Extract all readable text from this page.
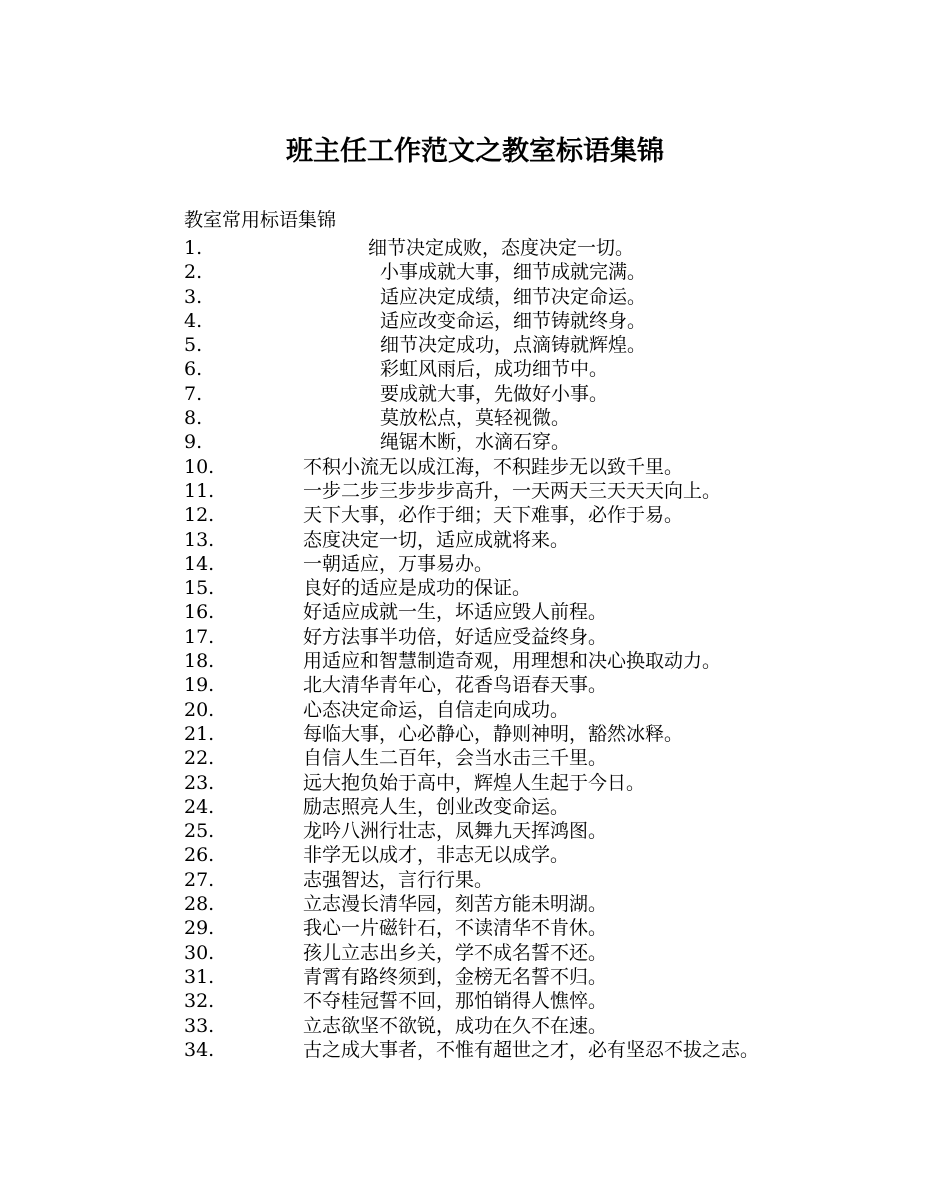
班主任工作范文之教室标语集锦
教室常用标语集锦
1.	细节决定成败，态度决定一切。
2.	小事成就大事，细节成就完满。
3.	适应决定成绩，细节决定命运。
4.	适应改变命运，细节铸就终身。
5.	细节决定成功，点滴铸就辉煌。
6.	彩虹风雨后，成功细节中。
7.	要成就大事，先做好小事。
8.	莫放松点，莫轻视微。
9.	绳锯木断，水滴石穿。
10.	不积小流无以成江海，不积跬步无以致千里。
11.	一步二步三步步步高升，一天两天三天天天向上。
12.	天下大事，必作于细；天下难事，必作于易。
13.	态度决定一切，适应成就将来。
14.	一朝适应，万事易办。
15.	良好的适应是成功的保证。
16.	好适应成就一生，坏适应毁人前程。
17.	好方法事半功倍，好适应受益终身。
18.	用适应和智慧制造奇观，用理想和决心换取动力。
19.	北大清华青年心，花香鸟语春天事。
20.	心态决定命运，自信走向成功。
21.	每临大事，心必静心，静则神明，豁然冰释。
22.	自信人生二百年，会当水击三千里。
23.	远大抱负始于高中，辉煌人生起于今日。
24.	励志照亮人生，创业改变命运。
25.	龙吟八洲行壮志，凤舞九天挥鸿图。
26.	非学无以成才，非志无以成学。
27.	志强智达，言行行果。
28.	立志漫长清华园，刻苦方能未明湖。
29.	我心一片磁针石，不读清华不肯休。
30.	孩儿立志出乡关，学不成名誓不还。
31.	青霄有路终须到，金榜无名誓不归。
32.	不夺桂冠誓不回，那怕销得人憔悴。
33.	立志欲坚不欲锐，成功在久不在速。
34.	古之成大事者，不惟有超世之才，必有坚忍不拔之志。
